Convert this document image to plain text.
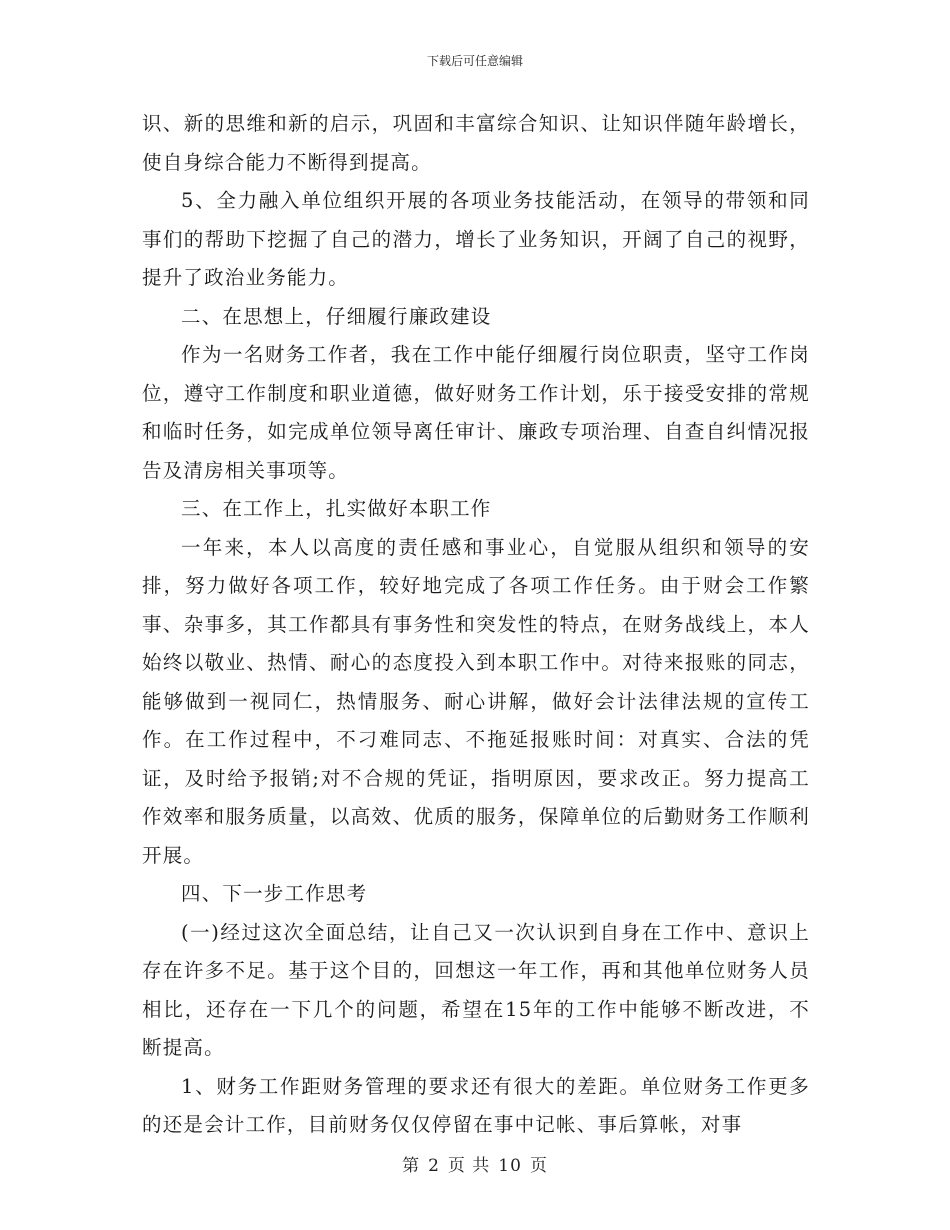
下载后可任意编辑

识、新的思维和新的启示，巩固和丰富综合知识、让知识伴随年龄增长，使自身综合能力不断得到提高。

5、全力融入单位组织开展的各项业务技能活动，在领导的带领和同事们的帮助下挖掘了自己的潜力，增长了业务知识，开阔了自己的视野，提升了政治业务能力。

二、在思想上，仔细履行廉政建设

作为一名财务工作者，我在工作中能仔细履行岗位职责，坚守工作岗位，遵守工作制度和职业道德，做好财务工作计划，乐于接受安排的常规和临时任务，如完成单位领导离任审计、廉政专项治理、自查自纠情况报告及清房相关事项等。

三、在工作上，扎实做好本职工作

一年来，本人以高度的责任感和事业心，自觉服从组织和领导的安排，努力做好各项工作，较好地完成了各项工作任务。由于财会工作繁事、杂事多，其工作都具有事务性和突发性的特点，在财务战线上，本人始终以敬业、热情、耐心的态度投入到本职工作中。对待来报账的同志，能够做到一视同仁，热情服务、耐心讲解，做好会计法律法规的宣传工作。在工作过程中，不刁难同志、不拖延报账时间：对真实、合法的凭证，及时给予报销;对不合规的凭证，指明原因，要求改正。努力提高工作效率和服务质量，以高效、优质的服务，保障单位的后勤财务工作顺利开展。

四、下一步工作思考

(一)经过这次全面总结，让自己又一次认识到自身在工作中、意识上存在许多不足。基于这个目的，回想这一年工作，再和其他单位财务人员相比，还存在一下几个的问题，希望在15年的工作中能够不断改进，不断提高。

1、财务工作距财务管理的要求还有很大的差距。单位财务工作更多的还是会计工作，目前财务仅仅停留在事中记帐、事后算帐，对事

第 2 页 共 10 页
